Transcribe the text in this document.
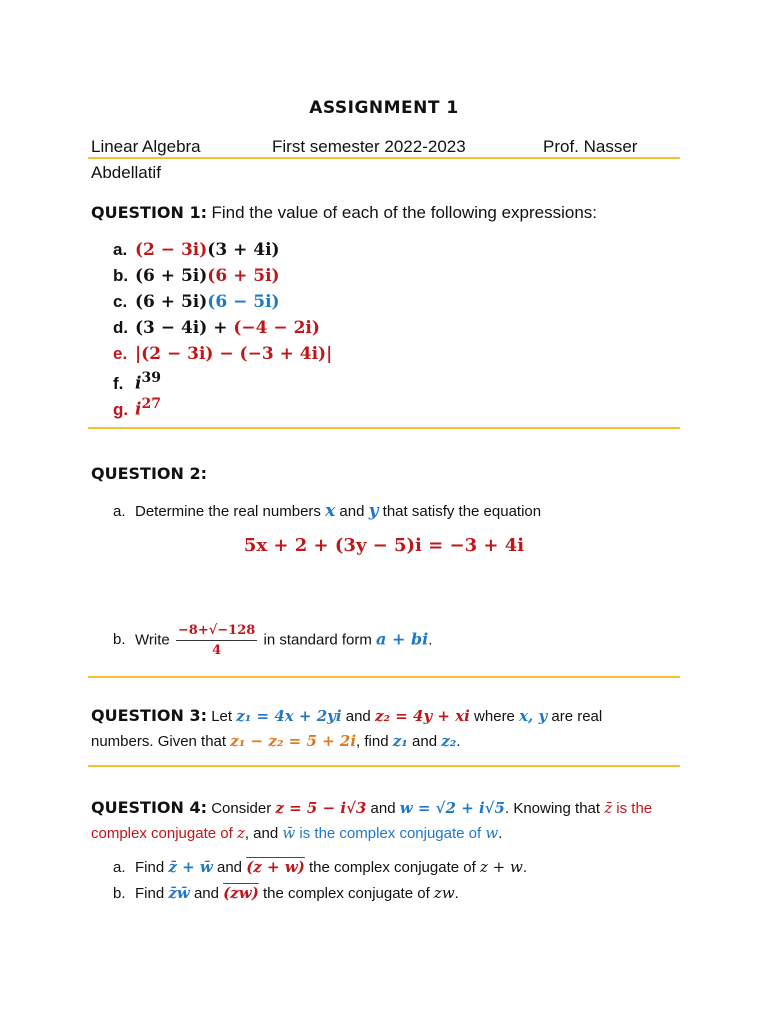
ASSIGNMENT 1
Linear Algebra	First semester 2022-2023	Prof. Nasser
Abdellatif
QUESTION 1: Find the value of each of the following expressions:
a. (2 − 3i)(3 + 4i)
b. (6 + 5i)(6 + 5i)
c. (6 + 5i)(6 − 5i)
d. (3 − 4i) + (−4 − 2i)
e. |(2 − 3i) − (−3 + 4i)|
f. $i^{39}$
g. $i^{27}$
QUESTION 2:
a. Determine the real numbers x and y that satisfy the equation
5x + 2 + (3y − 5)i = −3 + 4i
b. Write $\frac{-8+√-128}{4}$ in standard form a + bi.
QUESTION 3: Let z₁ = 4x + 2yi and z₂ = 4y + xi where x, y are real
numbers. Given that z₁ − z₂ = 5 + 2i, find z₁ and z₂.
QUESTION 4: Consider z = 5 − i√3 and w = √2 + i√5. Knowing that z̄ is the
complex conjugate of z, and w̄ is the complex conjugate of w.
a. Find z̄ + w̄ and (z + w) the complex conjugate of z + w.
b. Find z̄w̄ and (zw) the complex conjugate of zw.
